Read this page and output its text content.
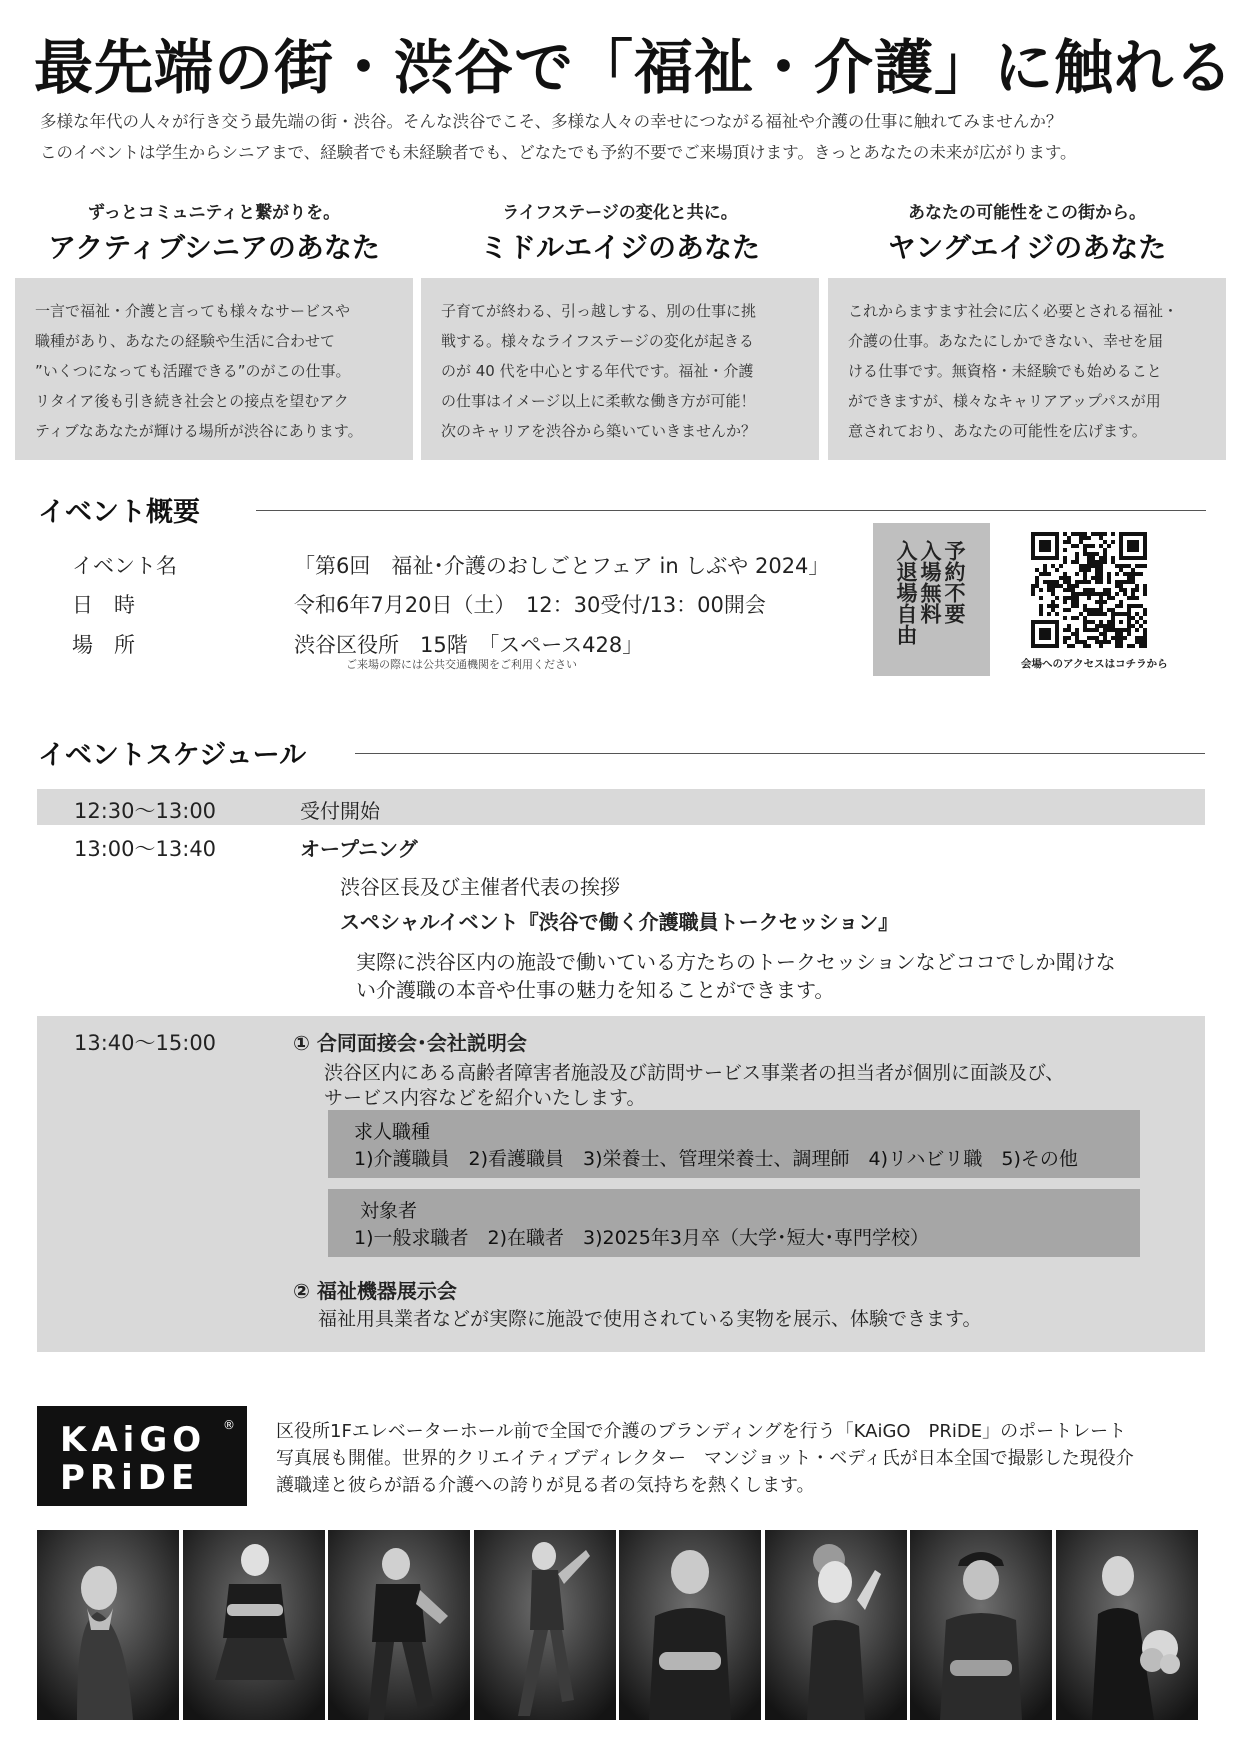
最先端の街・渋谷で「福祉・介護」に触れる

多様な年代の人々が行き交う最先端の街・渋谷。そんな渋谷でこそ、多様な人々の幸せにつながる福祉や介護の仕事に触れてみませんか？

このイベントは学生からシニアまで、経験者でも未経験者でも、どなたでも予約不要でご来場頂けます。きっとあなたの未来が広がります。

ずっとコミュニティと繋がりを。
アクティブシニアのあなた

一言で福祉・介護と言っても様々なサービスや

職種があり、あなたの経験や生活に合わせて

”いくつになっても活躍できる”のがこの仕事。

リタイア後も引き続き社会との接点を望むアク

ティブなあなたが輝ける場所が渋谷にあります。

ライフステージの変化と共に。
ミドルエイジのあなた

子育てが終わる、引っ越しする、別の仕事に挑

戦する。様々なライフステージの変化が起きる

のが 40 代を中心とする年代です。福祉・介護

の仕事はイメージ以上に柔軟な働き方が可能！

次のキャリアを渋谷から築いていきませんか？

あなたの可能性をこの街から。
ヤングエイジのあなた

これからますます社会に広く必要とされる福祉・

介護の仕事。あなたにしかできない、幸せを届

ける仕事です。無資格・未経験でも始めること

ができますが、様々なキャリアアップパスが用

意されており、あなたの可能性を広げます。

イベント概要
イベント名	「第6回　福祉･介護のおしごとフェア in しぶや 2024」
日　時	令和6年7月20日（土）　12：30受付/13：00開会
場　所	渋谷区役所　15階　「スペース428」
ご来場の際には公共交通機関をご利用ください
予約不要
入場無料
入退場自由
会場へのアクセスはコチラから
イベントスケジュール
12:30〜13:00	受付開始
13:00〜13:40	オープニング
渋谷区長及び主催者代表の挨拶
スペシャルイベント『渋谷で働く介護職員トークセッション』
実際に渋谷区内の施設で働いている方たちのトークセッションなどココでしか聞けな
い介護職の本音や仕事の魅力を知ることができます。
13:40〜15:00	① 合同面接会･会社説明会
渋谷区内にある高齢者障害者施設及び訪問サービス事業者の担当者が個別に面談及び、
サービス内容などを紹介いたします。
求人職種
1)介護職員　2)看護職員　3)栄養士、管理栄養士、調理師　4)リハビリ職　5)その他
対象者
1)一般求職者　2)在職者　3)2025年3月卒（大学･短大･専門学校）
② 福祉機器展示会
福祉用具業者などが実際に施設で使用されている実物を展示、体験できます。
KAiGO
PRiDE
® 区役所1Fエレベーターホール前で全国で介護のブランディングを行う「KAiGO　PRiDE」のポートレート

写真展も開催。世界的クリエイティブディレクター　マンジョット・ベディ氏が日本全国で撮影した現役介

護職達と彼らが語る介護への誇りが見る者の気持ちを熱くします。
